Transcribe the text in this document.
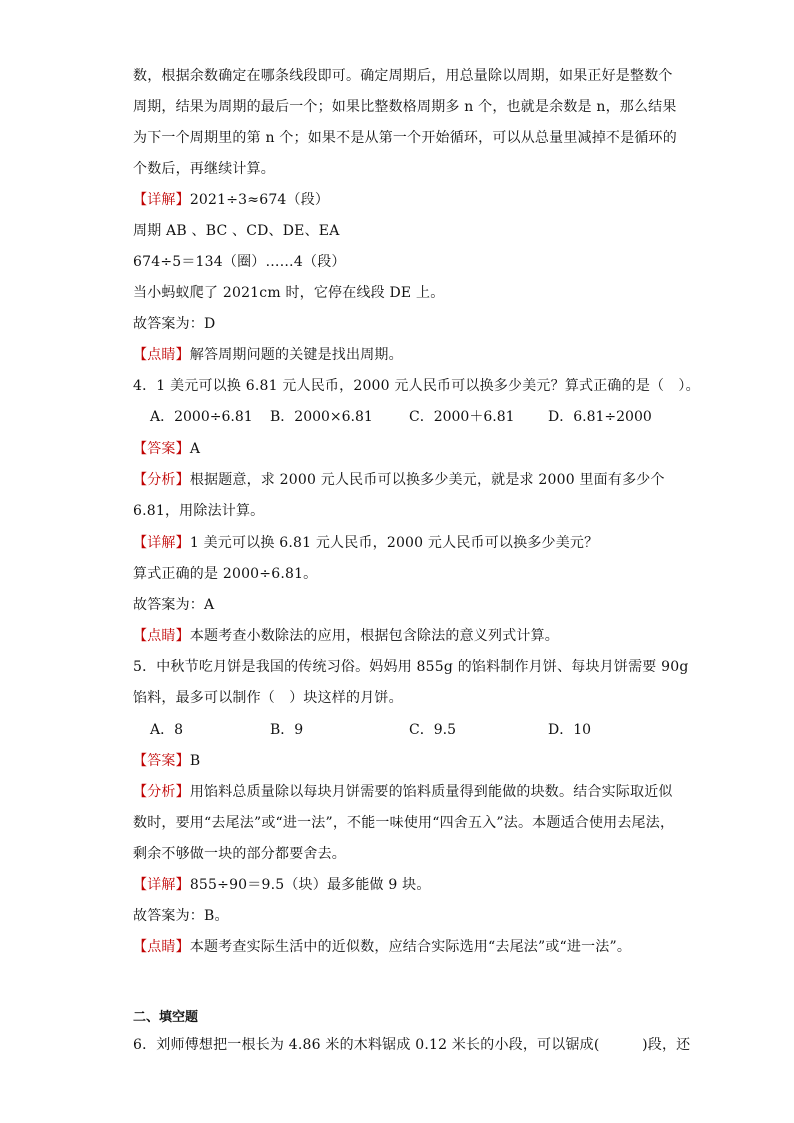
数，根据余数确定在哪条线段即可。确定周期后，用总量除以周期，如果正好是整数个
周期，结果为周期的最后一个；如果比整数格周期多 n 个，也就是余数是 n，那么结果
为下一个周期里的第 n 个；如果不是从第一个开始循环，可以从总量里减掉不是循环的
个数后，再继续计算。
【详解】2021÷3≈674（段）
周期 AB 、BC 、CD、DE、EA
674÷5＝134（圈）……4（段）
当小蚂蚁爬了 2021cm 时，它停在线段 DE 上。
故答案为：D
【点睛】解答周期问题的关键是找出周期。
4．1 美元可以换 6.81 元人民币，2000 元人民币可以换多少美元？算式正确的是（　）。
A．2000÷6.81 B．2000×6.81	C．2000＋6.81 D．6.81÷2000
【答案】A
【分析】根据题意，求 2000 元人民币可以换多少美元，就是求 2000 里面有多少个
6.81，用除法计算。
【详解】1 美元可以换 6.81 元人民币，2000 元人民币可以换多少美元？
算式正确的是 2000÷6.81。
故答案为：A
【点睛】本题考查小数除法的应用，根据包含除法的意义列式计算。
5．中秋节吃月饼是我国的传统习俗。妈妈用 855g 的馅料制作月饼、每块月饼需要 90g
馅料，最多可以制作（　）块这样的月饼。
A．8	B．9	C．9.5	D．10
【答案】B
【分析】用馅料总质量除以每块月饼需要的馅料质量得到能做的块数。结合实际取近似
数时，要用“去尾法”或“进一法”，不能一味使用“四舍五入”法。本题适合使用去尾法，
剩余不够做一块的部分都要舍去。
【详解】855÷90＝9.5（块）最多能做 9 块。
故答案为：B。
【点睛】本题考查实际生活中的近似数，应结合实际选用“去尾法”或“进一法”。
二、填空题
6．刘师傅想把一根长为 4.86 米的木料锯成 0.12 米长的小段，可以锯成(　　　)段，还
